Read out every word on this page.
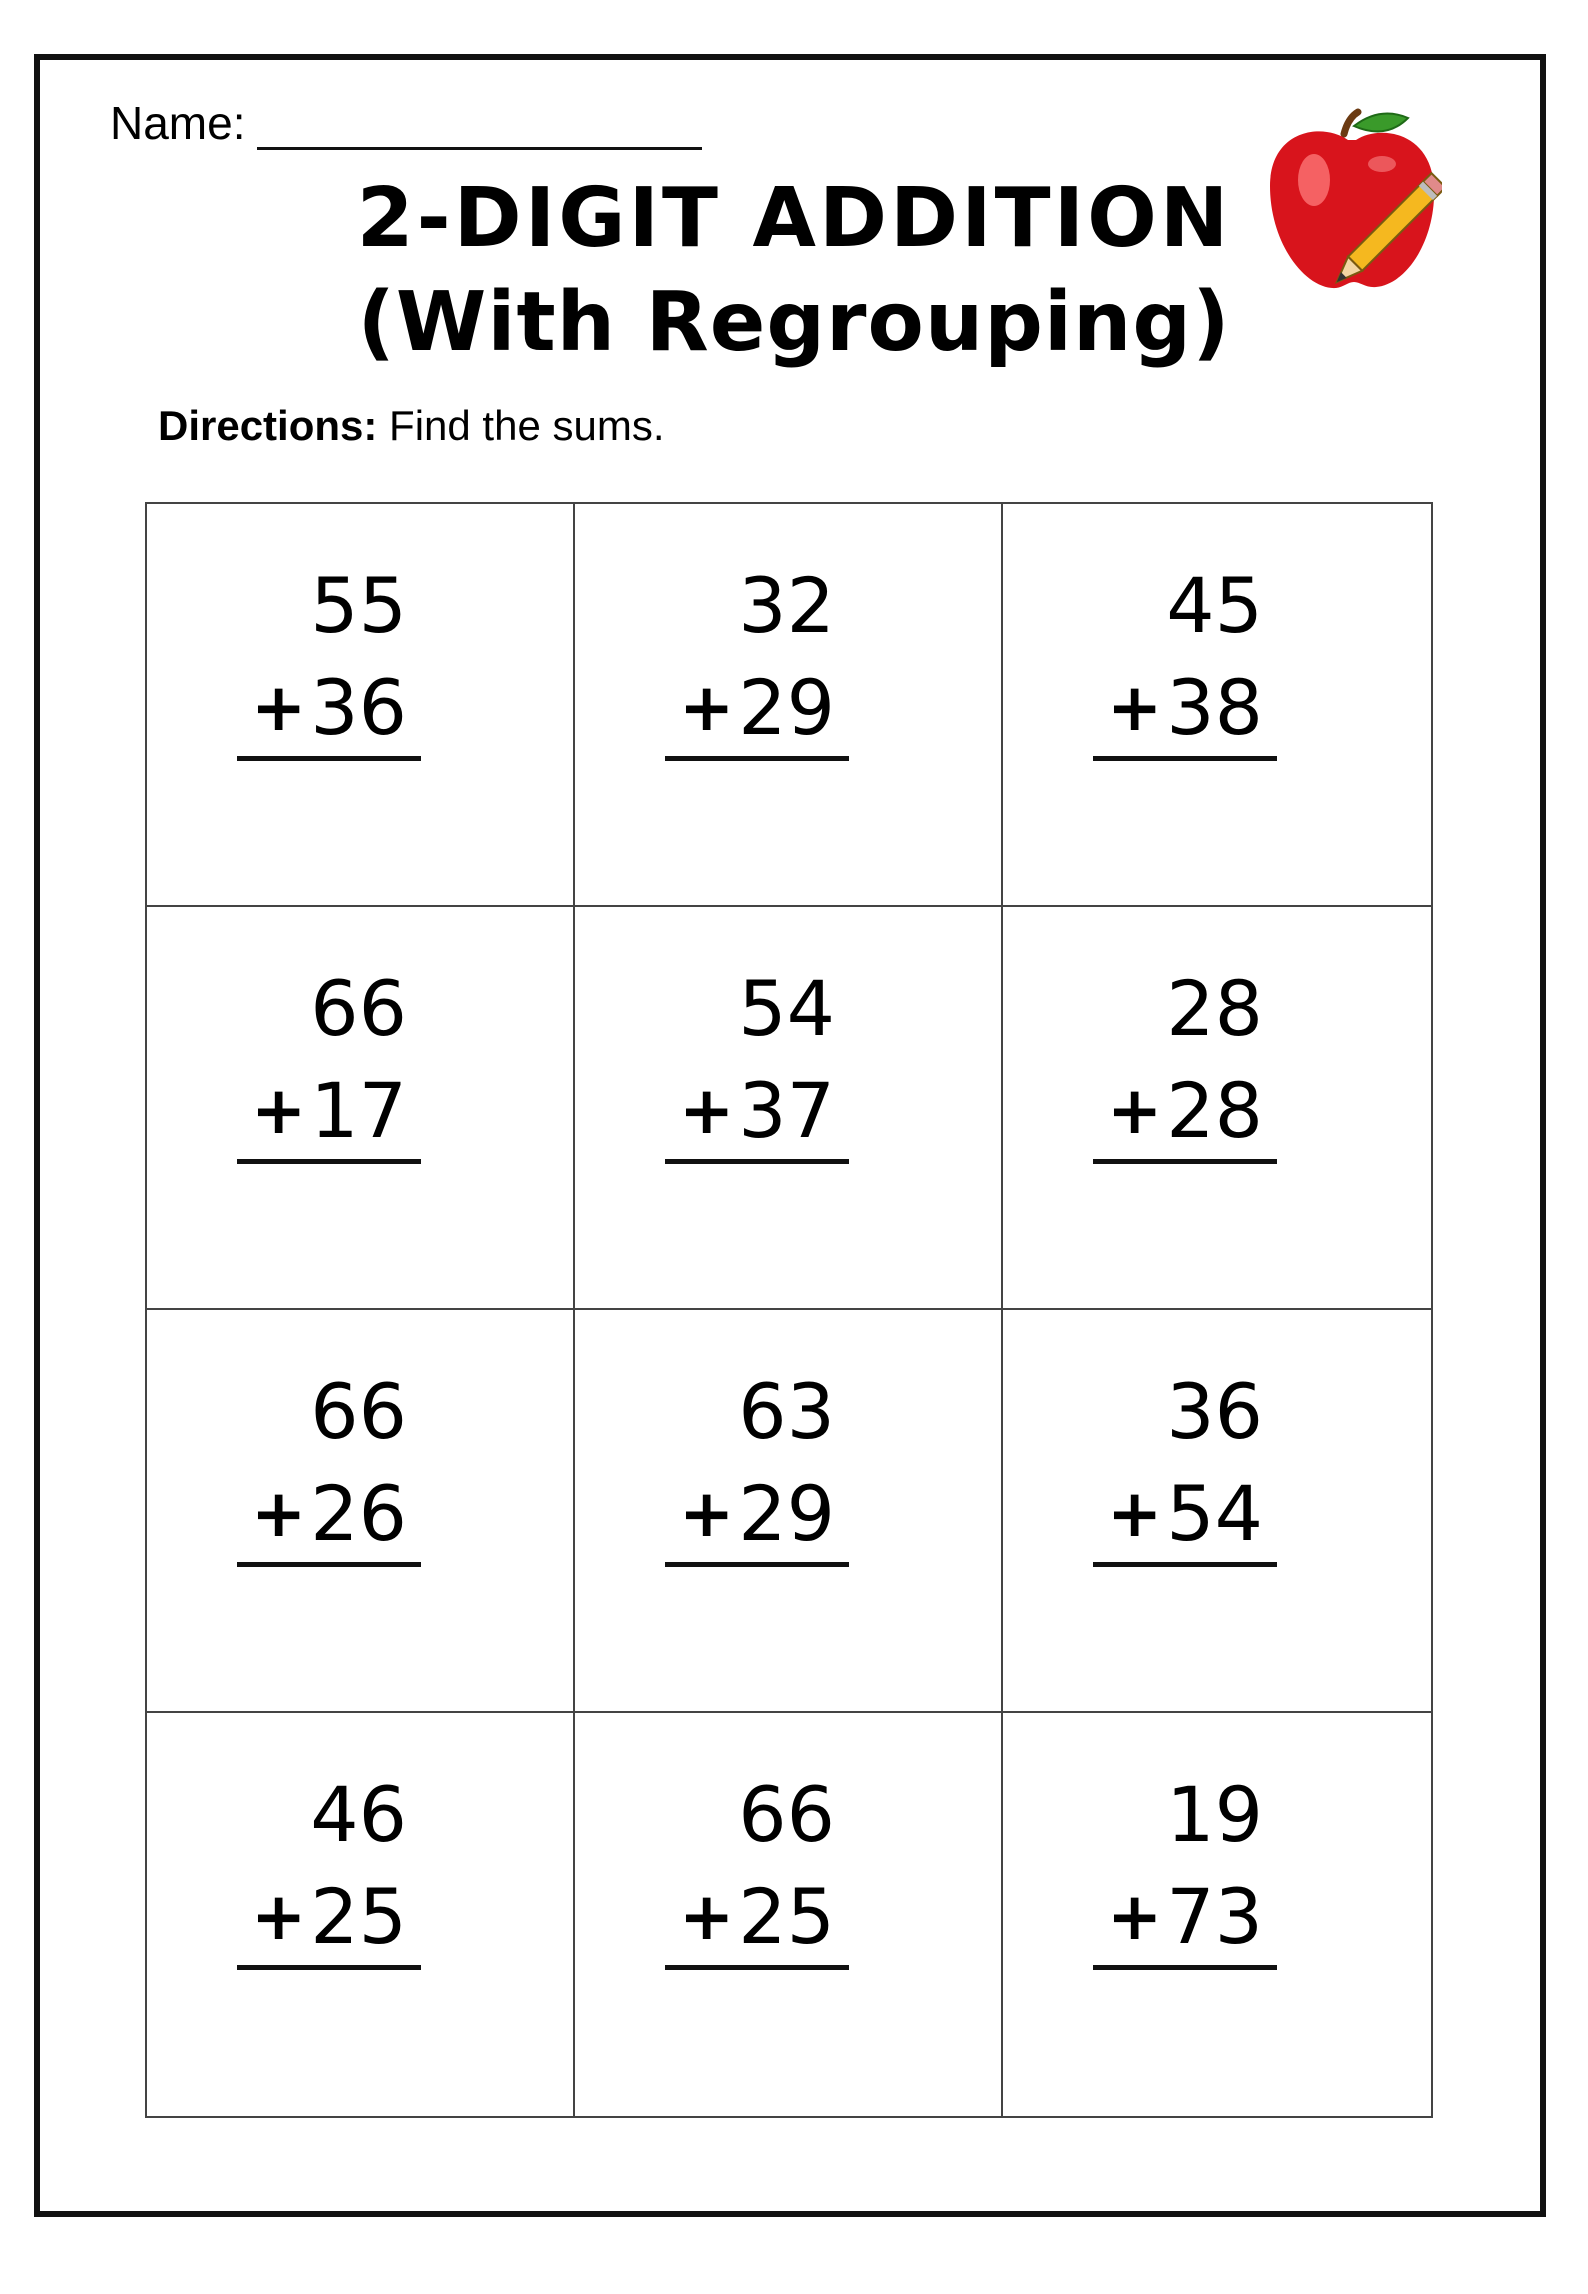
Name:
2-DIGIT ADDITION
(With Regrouping)
Directions: Find the sums.
55
+ 36
32
+ 29
45
+ 38
66
+ 17
54
+ 37
28
+ 28
66
+ 26
63
+ 29
36
+ 54
46
+ 25
66
+ 25
19
+ 73
